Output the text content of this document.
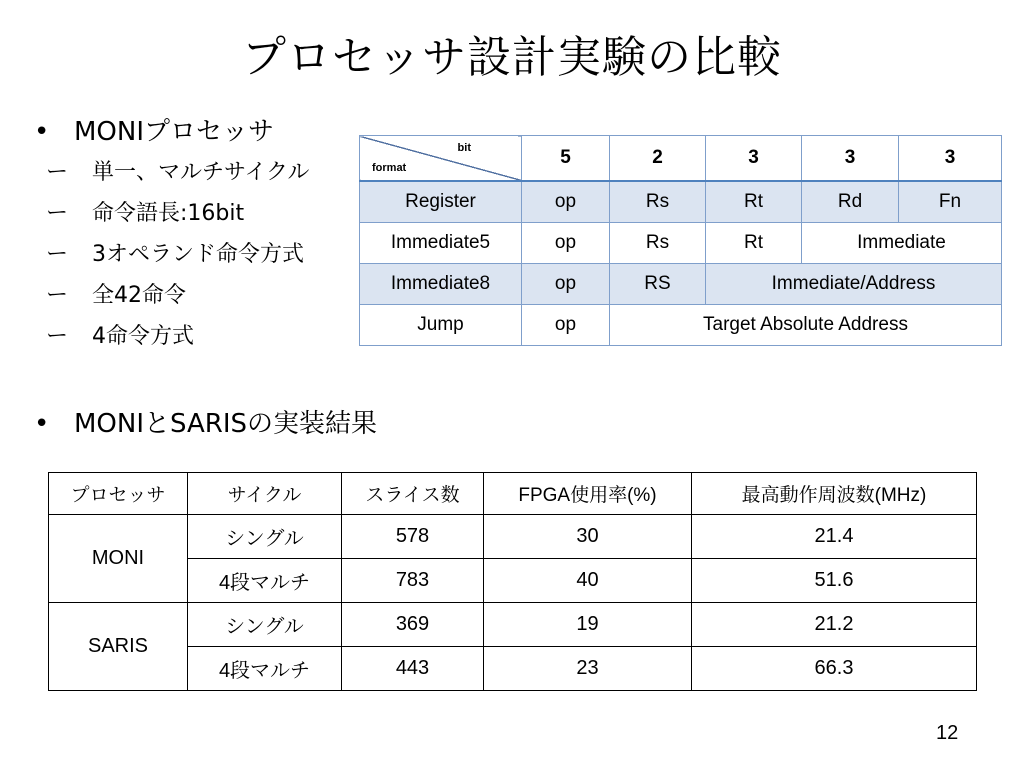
プロセッサ設計実験の比較
• MONIプロセッサ
ー 単一、マルチサイクル
ー 命令語長:16bit
ー 3オペランド命令方式
ー 全42命令
ー 4命令方式
bit
format	5	2	3	3	3
Register	op	Rs	Rt	Rd	Fn
Immediate5	op	Rs	Rt	Immediate	
Immediate8	op	RS	Immediate/Address		
Jump	op	Target Absolute Address			
• MONIとSARISの実装結果
プロセッサ	サイクル	スライス数	FPGA使用率(%)	最高動作周波数(MHz)
MONI	シングル	578	30	21.4
	4段マルチ	783	40	51.6
SARIS	シングル	369	19	21.2
	4段マルチ	443	23	66.3
12
